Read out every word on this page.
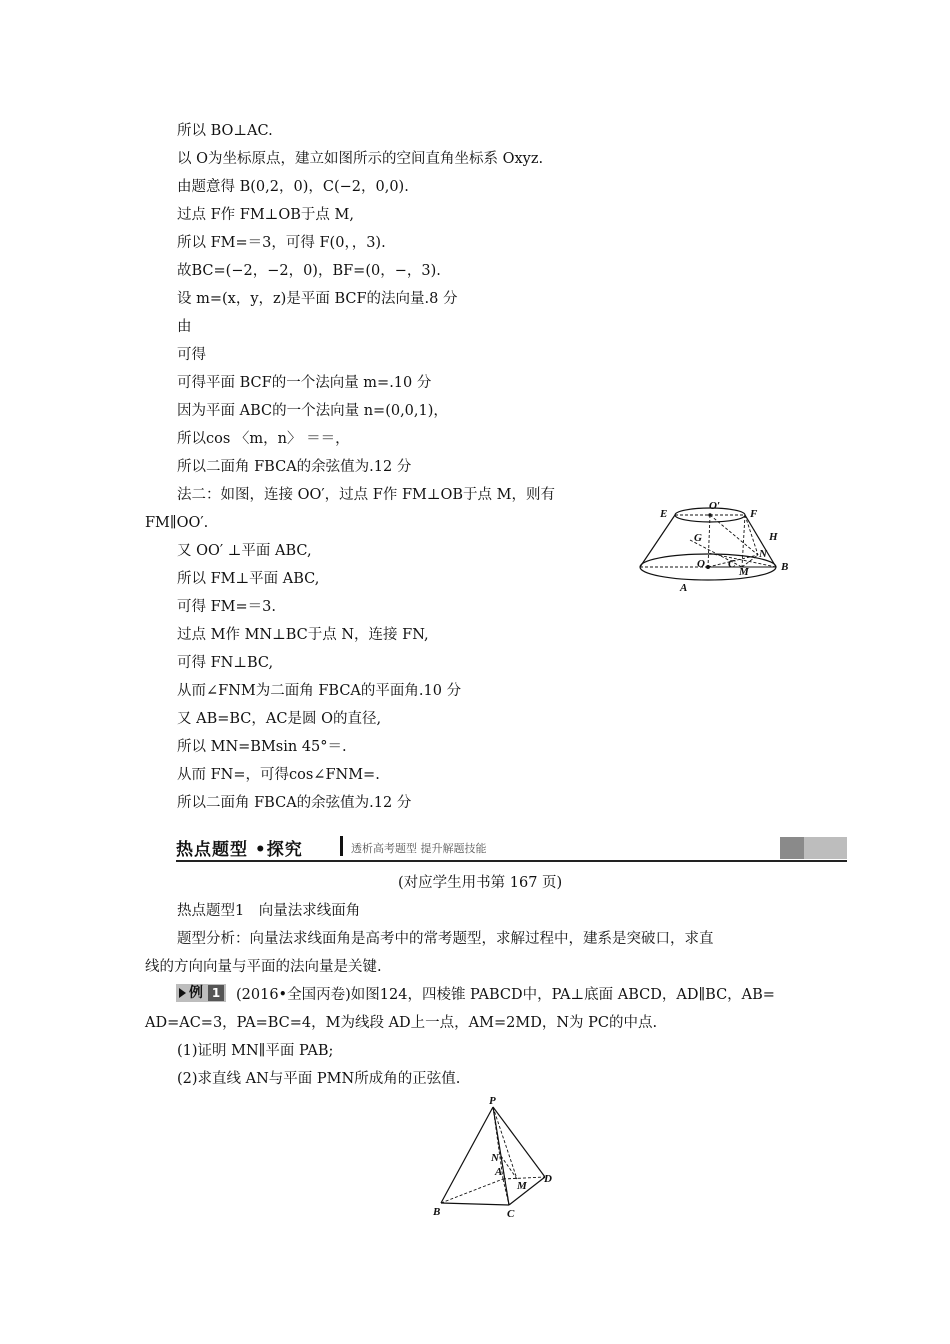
所以 BO⊥AC.
以 O为坐标原点，建立如图所示的空间直角坐标系 Oxyz.
由题意得 B(0,2，0)，C(−2，0,0).
过点 F作 FM⊥OB于点 M,
所以 FM=＝3，可得 F(0，，3).
故BC=(−2，−2，0)，BF=(0，−，3).
设 m=(x，y，z)是平面 BCF的法向量.8 分
由
可得
可得平面 BCF的一个法向量 m=.10 分
因为平面 ABC的一个法向量 n=(0,0,1)，
所以cos 〈m，n〉 ＝＝，
所以二面角 FBCA的余弦值为.12 分
法二：如图，连接 OO′，过点 F作 FM⊥OB于点 M，则有
FM∥OO′.
又 OO′ ⊥平面 ABC,
所以 FM⊥平面 ABC,
可得 FM=＝3.
过点 M作 MN⊥BC于点 N，连接 FN,
可得 FN⊥BC,
从而∠FNM为二面角 FBCA的平面角.10 分
又 AB=BC，AC是圆 O的直径,
所以 MN=BMsin 45°＝.
从而 FN=，可得cos∠FNM=.
所以二面角 FBCA的余弦值为.12 分
E
O′
F
G	H
N
O C
M
A
B
热点题型 •探究	透析高考题型 提升解题技能
(对应学生用书第 167 页)
热点题型1　向量法求线面角
题型分析：向量法求线面角是高考中的常考题型，求解过程中，建系是突破口，求直
线的方向向量与平面的法向量是关键.
例 1 (2016•全国丙卷)如图124，四棱锥 PABCD中，PA⊥底面 ABCD，AD∥BC，AB=
AD=AC=3，PA=BC=4，M为线段 AD上一点，AM=2MD，N为 PC的中点.
(1)证明 MN∥平面 PAB;
(2)求直线 AN与平面 PMN所成角的正弦值.
P
N
A
M
D
B	C
